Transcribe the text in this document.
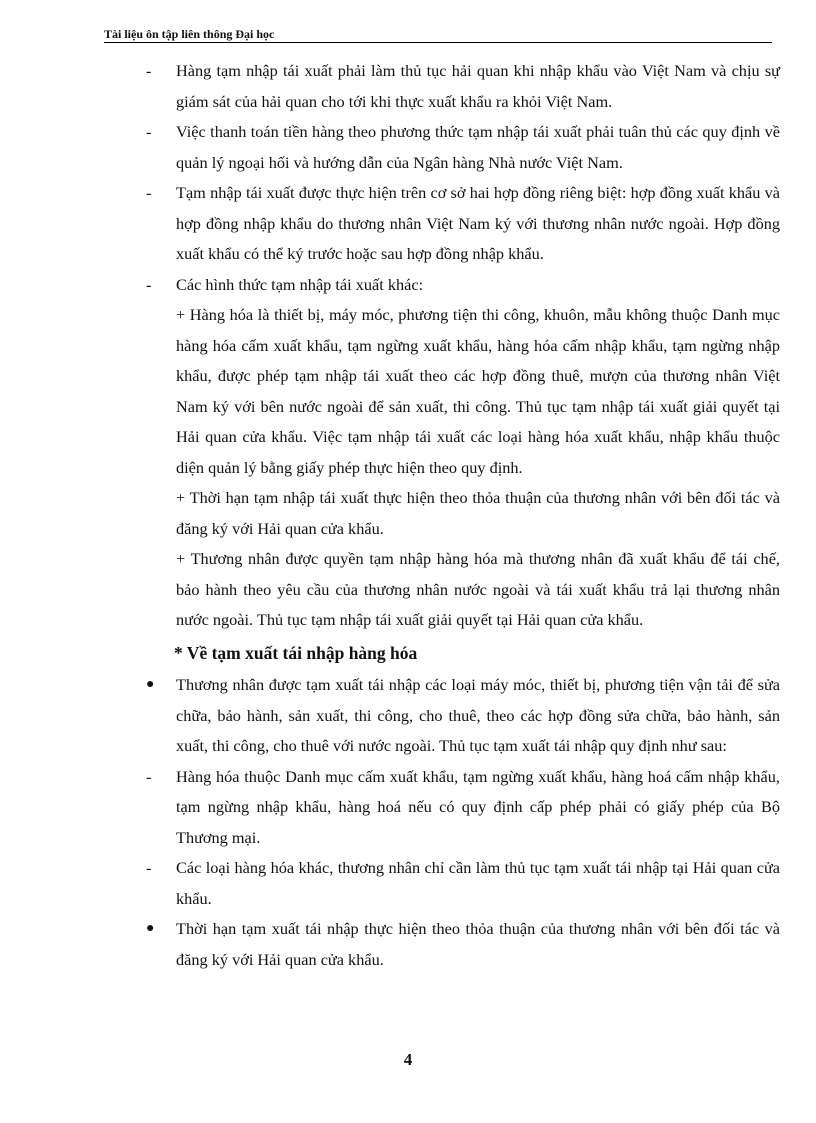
Tài liệu ôn tập liên thông Đại học
-	Hàng tạm nhập tái xuất phải làm thủ tục hải quan khi nhập khẩu vào Việt Nam và chịu sự giám sát của hải quan cho tới khi thực xuất khẩu ra khỏi Việt Nam.
-	Việc thanh toán tiền hàng theo phương thức tạm nhập tái xuất phải tuân thủ các quy định về quản lý ngoại hối và hướng dẫn của Ngân hàng Nhà nước Việt Nam.
-	Tạm nhập tái xuất được thực hiện trên cơ sở hai hợp đồng riêng biệt: hợp đồng xuất khẩu và hợp đồng nhập khẩu do thương nhân Việt Nam ký với thương nhân nước ngoài. Hợp đồng xuất khẩu có thể ký trước hoặc sau hợp đồng nhập khẩu.
-	Các hình thức tạm nhập tái xuất khác:
+ Hàng hóa là thiết bị, máy móc, phương tiện thi công, khuôn, mẫu không thuộc Danh mục hàng hóa cấm xuất khẩu, tạm ngừng xuất khẩu, hàng hóa cấm nhập khẩu, tạm ngừng nhập khẩu, được phép tạm nhập tái xuất theo các hợp đồng thuê, mượn của thương nhân Việt Nam ký với bên nước ngoài để sản xuất, thi công. Thủ tục tạm nhập tái xuất giải quyết tại Hải quan cửa khẩu. Việc tạm nhập tái xuất các loại hàng hóa xuất khẩu, nhập khẩu thuộc diện quản lý bằng giấy phép thực hiện theo quy định.
+ Thời hạn tạm nhập tái xuất thực hiện theo thỏa thuận của thương nhân với bên đối tác và đăng ký với Hải quan cửa khẩu.
+ Thương nhân được quyền tạm nhập hàng hóa mà thương nhân đã xuất khẩu để tái chế, bảo hành theo yêu cầu của thương nhân nước ngoài và tái xuất khẩu trả lại thương nhân nước ngoài. Thủ tục tạm nhập tái xuất giải quyết tại Hải quan cửa khẩu.
* Về tạm xuất tái nhập hàng hóa
●	Thương nhân được tạm xuất tái nhập các loại máy móc, thiết bị, phương tiện vận tải để sửa chữa, bảo hành, sản xuất, thi công, cho thuê, theo các hợp đồng sửa chữa, bảo hành, sản xuất, thi công, cho thuê với nước ngoài. Thủ tục tạm xuất tái nhập quy định như sau:
-	Hàng hóa thuộc Danh mục cấm xuất khẩu, tạm ngừng xuất khẩu, hàng hoá cấm nhập khẩu, tạm ngừng nhập khẩu, hàng hoá nếu có quy định cấp phép phải có giấy phép của Bộ Thương mại.
-	Các loại hàng hóa khác, thương nhân chỉ cần làm thủ tục tạm xuất tái nhập tại Hải quan cửa khẩu.
●	Thời hạn tạm xuất tái nhập thực hiện theo thỏa thuận của thương nhân với bên đối tác và đăng ký với Hải quan cửa khẩu.
4
